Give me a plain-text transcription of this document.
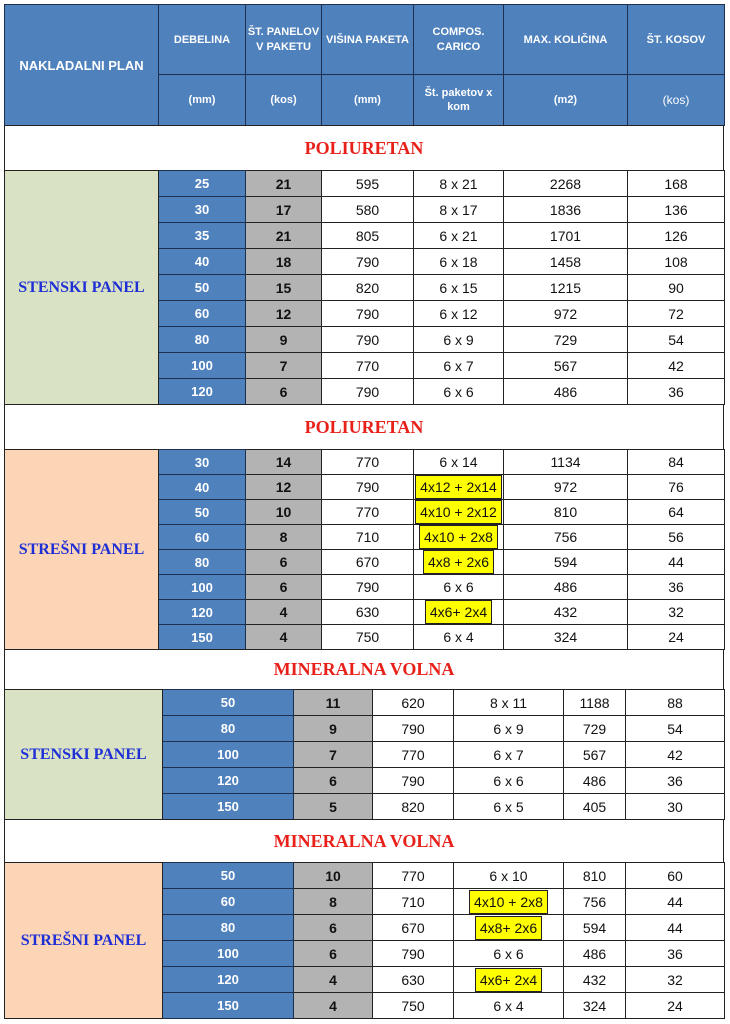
NAKLADALNI PLAN	DEBELINA	ŠT. PANELOV V PAKETU	VIŠINA PAKETA	COMPOS. CARICO	MAX. KOLIČINA	ŠT. KOSOV
	(mm)	(kos)	(mm)	Št. paketov x kom	(m2)	(kos)
POLIURETAN
STENSKI PANEL	25	21	595	8 x 21	2268	168
	30	17	580	8 x 17	1836	136
	35	21	805	6 x 21	1701	126
	40	18	790	6 x 18	1458	108
	50	15	820	6 x 15	1215	90
	60	12	790	6 x 12	972	72
	80	9	790	6 x 9	729	54
	100	7	770	6 x 7	567	42
	120	6	790	6 x 6	486	36
POLIURETAN
STREŠNI PANEL	30	14	770	6 x 14	1134	84
	40	12	790	4x12 + 2x14	972	76
	50	10	770	4x10 + 2x12	810	64
	60	8	710	4x10 + 2x8	756	56
	80	6	670	4x8 + 2x6	594	44
	100	6	790	6 x 6	486	36
	120	4	630	4x6+ 2x4	432	32
	150	4	750	6 x 4	324	24
MINERALNA VOLNA
STENSKI PANEL	50	11	620	8 x 11	1188	88
	80	9	790	6 x 9	729	54
	100	7	770	6 x 7	567	42
	120	6	790	6 x 6	486	36
	150	5	820	6 x 5	405	30
MINERALNA VOLNA
STREŠNI PANEL	50	10	770	6 x 10	810	60
	60	8	710	4x10 + 2x8	756	44
	80	6	670	4x8+ 2x6	594	44
	100	6	790	6 x 6	486	36
	120	4	630	4x6+ 2x4	432	32
	150	4	750	6 x 4	324	24
